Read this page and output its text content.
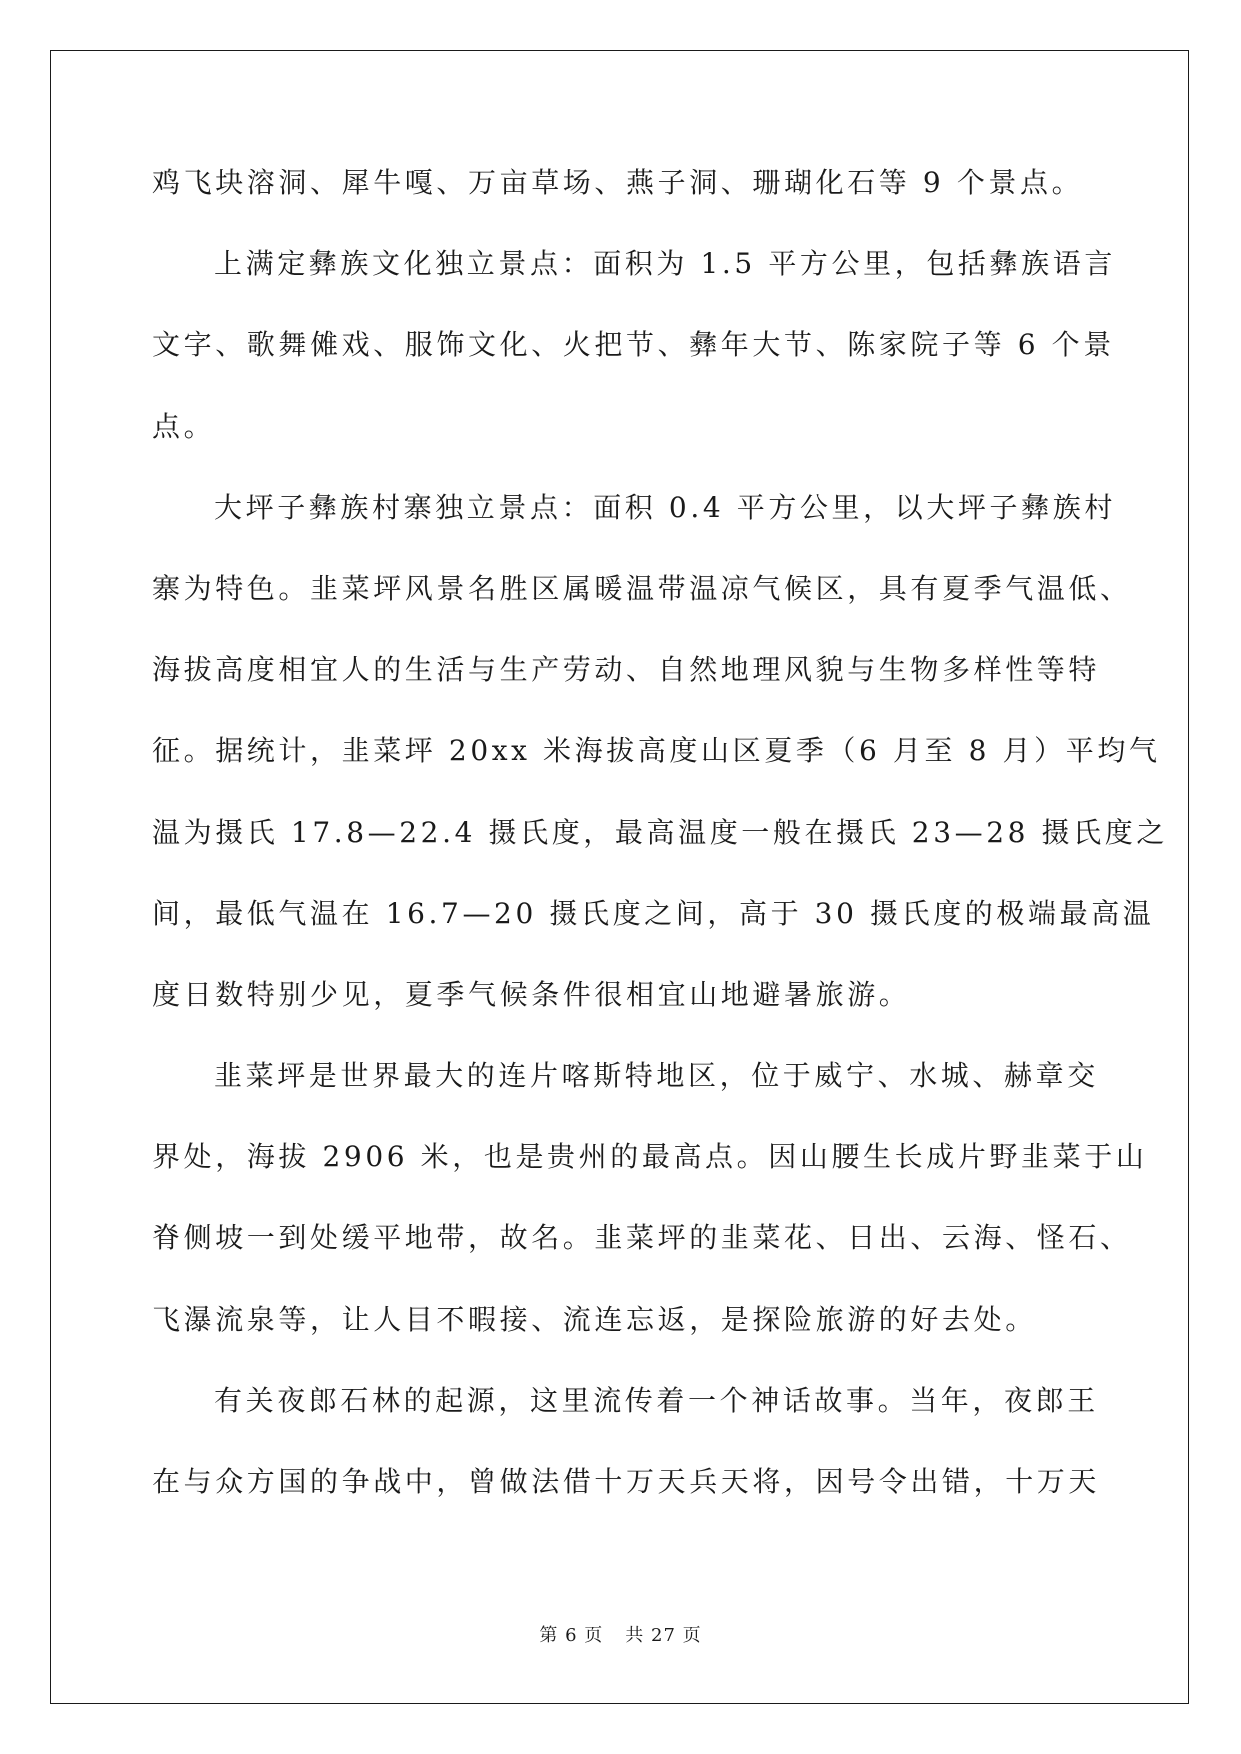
鸡飞块溶洞、犀牛嘎、万亩草场、燕子洞、珊瑚化石等 9 个景点。
上满定彝族文化独立景点：面积为 1.5 平方公里，包括彝族语言
文字、歌舞傩戏、服饰文化、火把节、彝年大节、陈家院子等 6 个景
点。
大坪子彝族村寨独立景点：面积 0.4 平方公里，以大坪子彝族村
寨为特色。韭菜坪风景名胜区属暖温带温凉气候区，具有夏季气温低、
海拔高度相宜人的生活与生产劳动、自然地理风貌与生物多样性等特
征。据统计，韭菜坪 20xx 米海拔高度山区夏季（6 月至 8 月）平均气
温为摄氏 17.8—22.4 摄氏度，最高温度一般在摄氏 23—28 摄氏度之
间，最低气温在 16.7—20 摄氏度之间，高于 30 摄氏度的极端最高温
度日数特别少见，夏季气候条件很相宜山地避暑旅游。
韭菜坪是世界最大的连片喀斯特地区，位于威宁、水城、赫章交
界处，海拔 2906 米，也是贵州的最高点。因山腰生长成片野韭菜于山
脊侧坡一到处缓平地带，故名。韭菜坪的韭菜花、日出、云海、怪石、
飞瀑流泉等，让人目不暇接、流连忘返，是探险旅游的好去处。
有关夜郎石林的起源，这里流传着一个神话故事。当年，夜郎王
在与众方国的争战中，曾做法借十万天兵天将，因号令出错，十万天
第 6 页 共 27 页
